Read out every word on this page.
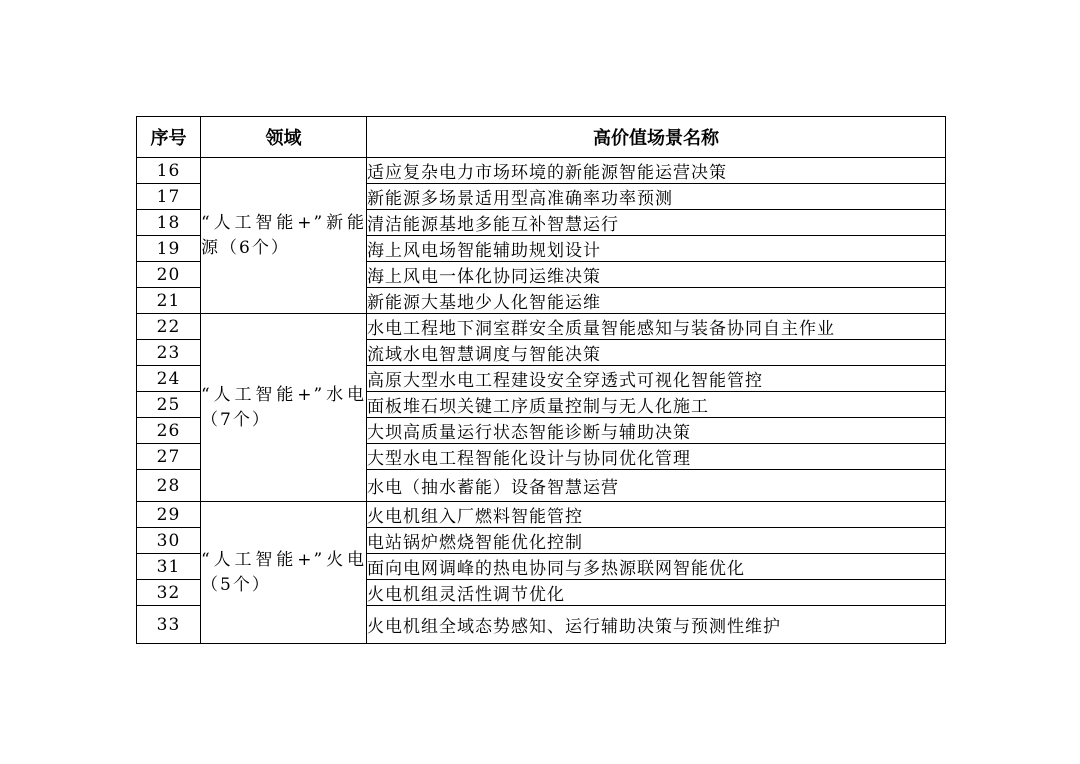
序号	领域	高价值场景名称
16	“人工智能+”新能源（6个）	适应复杂电力市场环境的新能源智能运营决策
17		新能源多场景适用型高准确率功率预测
18		清洁能源基地多能互补智慧运行
19		海上风电场智能辅助规划设计
20		海上风电一体化协同运维决策
21		新能源大基地少人化智能运维
22	“人工智能+”水电（7个）	水电工程地下洞室群安全质量智能感知与装备协同自主作业
23		流域水电智慧调度与智能决策
24		高原大型水电工程建设安全穿透式可视化智能管控
25		面板堆石坝关键工序质量控制与无人化施工
26		大坝高质量运行状态智能诊断与辅助决策
27		大型水电工程智能化设计与协同优化管理
28		水电（抽水蓄能）设备智慧运营
29	“人工智能+”火电（5个）	火电机组入厂燃料智能管控
30		电站锅炉燃烧智能优化控制
31		面向电网调峰的热电协同与多热源联网智能优化
32		火电机组灵活性调节优化
33		火电机组全域态势感知、运行辅助决策与预测性维护
